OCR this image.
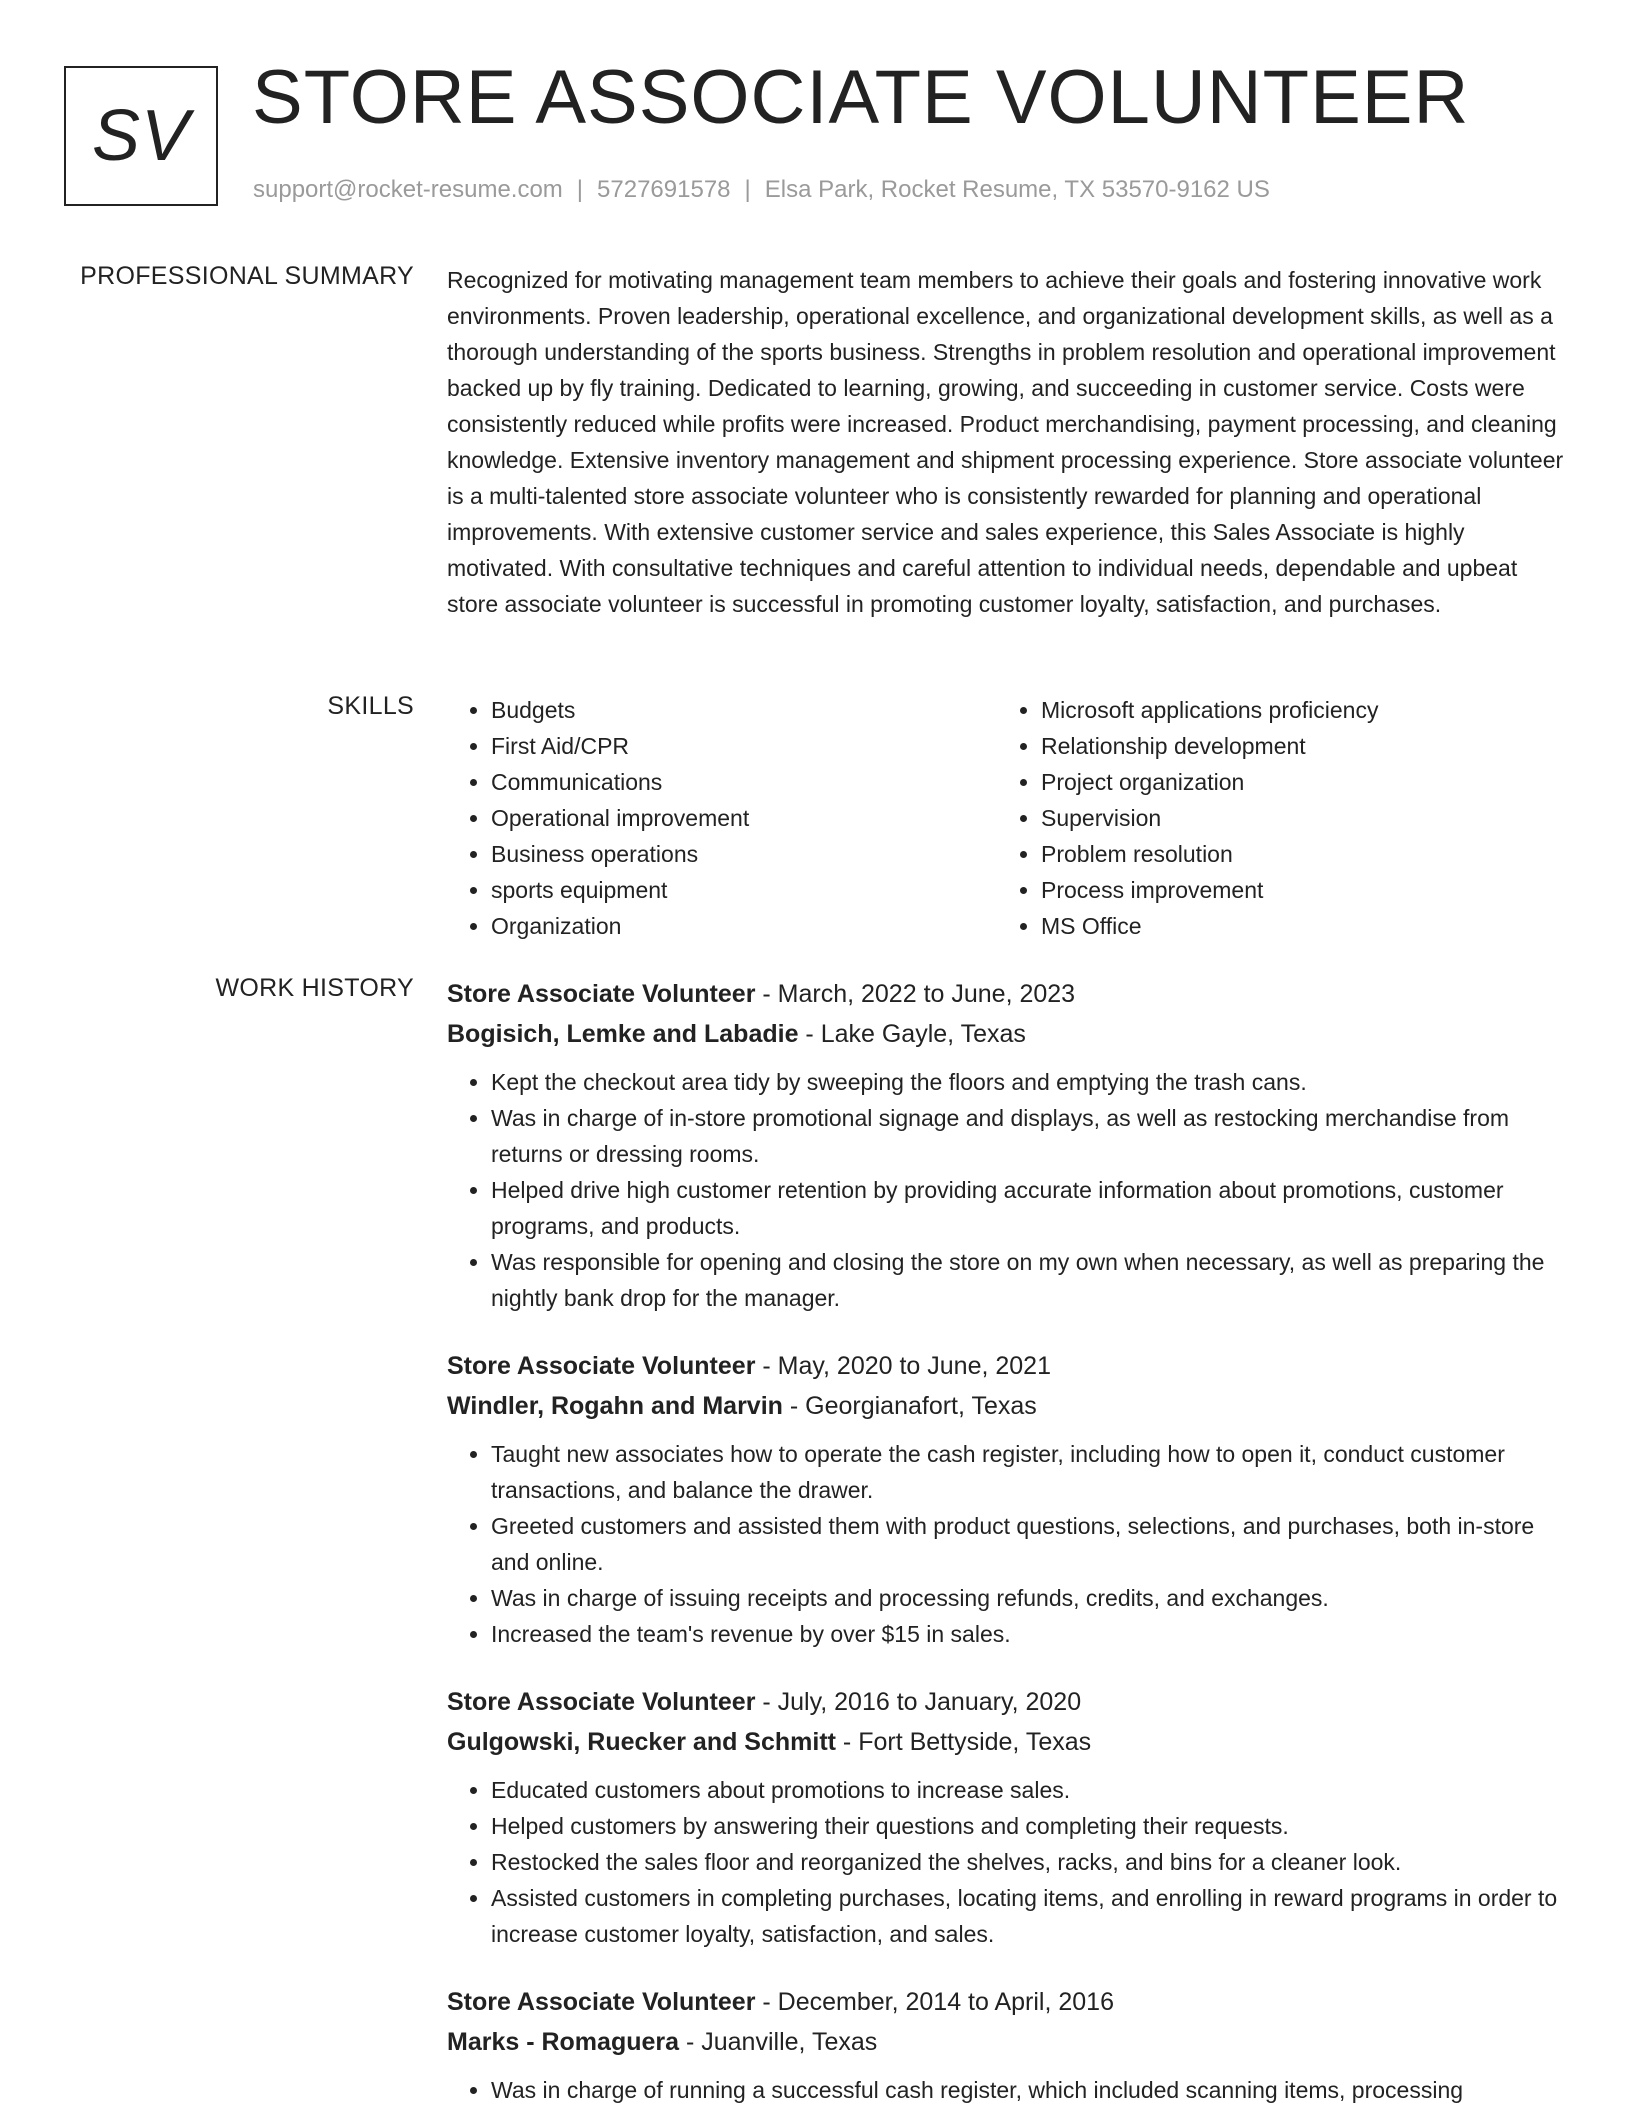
SV STORE ASSOCIATE VOLUNTEER
support@rocket-resume.com | 5727691578 | Elsa Park, Rocket Resume, TX 53570-9162 US
PROFESSIONAL SUMMARY Recognized for motivating management team members to achieve their goals and fostering innovative work environments. Proven leadership, operational excellence, and organizational development skills, as well as a thorough understanding of the sports business. Strengths in problem resolution and operational improvement backed up by fly training. Dedicated to learning, growing, and succeeding in customer service. Costs were consistently reduced while profits were increased. Product merchandising, payment processing, and cleaning knowledge. Extensive inventory management and shipment processing experience. Store associate volunteer is a multi-talented store associate volunteer who is consistently rewarded for planning and operational improvements. With extensive customer service and sales experience, this Sales Associate is highly motivated. With consultative techniques and careful attention to individual needs, dependable and upbeat store associate volunteer is successful in promoting customer loyalty, satisfaction, and purchases.

SKILLS
•	Budgets
• First Aid/CPR
• Communications
• Operational improvement
• Business operations
• sports equipment
• Organization
• Microsoft applications proficiency
• Relationship development
• Project organization
• Supervision
• Problem resolution
• Process improvement
• MS Office
WORK HISTORY Store Associate Volunteer - March, 2022 to June, 2023
Bogisich, Lemke and Labadie - Lake Gayle, Texas
• Kept the checkout area tidy by sweeping the floors and emptying the trash cans.
• Was in charge of in-store promotional signage and displays, as well as restocking merchandise from returns or dressing rooms.
• Helped drive high customer retention by providing accurate information about promotions, customer programs, and products.
• Was responsible for opening and closing the store on my own when necessary, as well as preparing the nightly bank drop for the manager.
Store Associate Volunteer - May, 2020 to June, 2021
Windler, Rogahn and Marvin - Georgianafort, Texas
• Taught new associates how to operate the cash register, including how to open it, conduct customer transactions, and balance the drawer.
• Greeted customers and assisted them with product questions, selections, and purchases, both in-store and online.
• Was in charge of issuing receipts and processing refunds, credits, and exchanges.
• Increased the team's revenue by over $15 in sales.
Store Associate Volunteer - July, 2016 to January, 2020
Gulgowski, Ruecker and Schmitt - Fort Bettyside, Texas
• Educated customers about promotions to increase sales.
• Helped customers by answering their questions and completing their requests.
• Restocked the sales floor and reorganized the shelves, racks, and bins for a cleaner look.
• Assisted customers in completing purchases, locating items, and enrolling in reward programs in order to increase customer loyalty, satisfaction, and sales.
Store Associate Volunteer - December, 2014 to April, 2016
Marks - Romaguera - Juanville, Texas
• Was in charge of running a successful cash register, which included scanning items, processing
